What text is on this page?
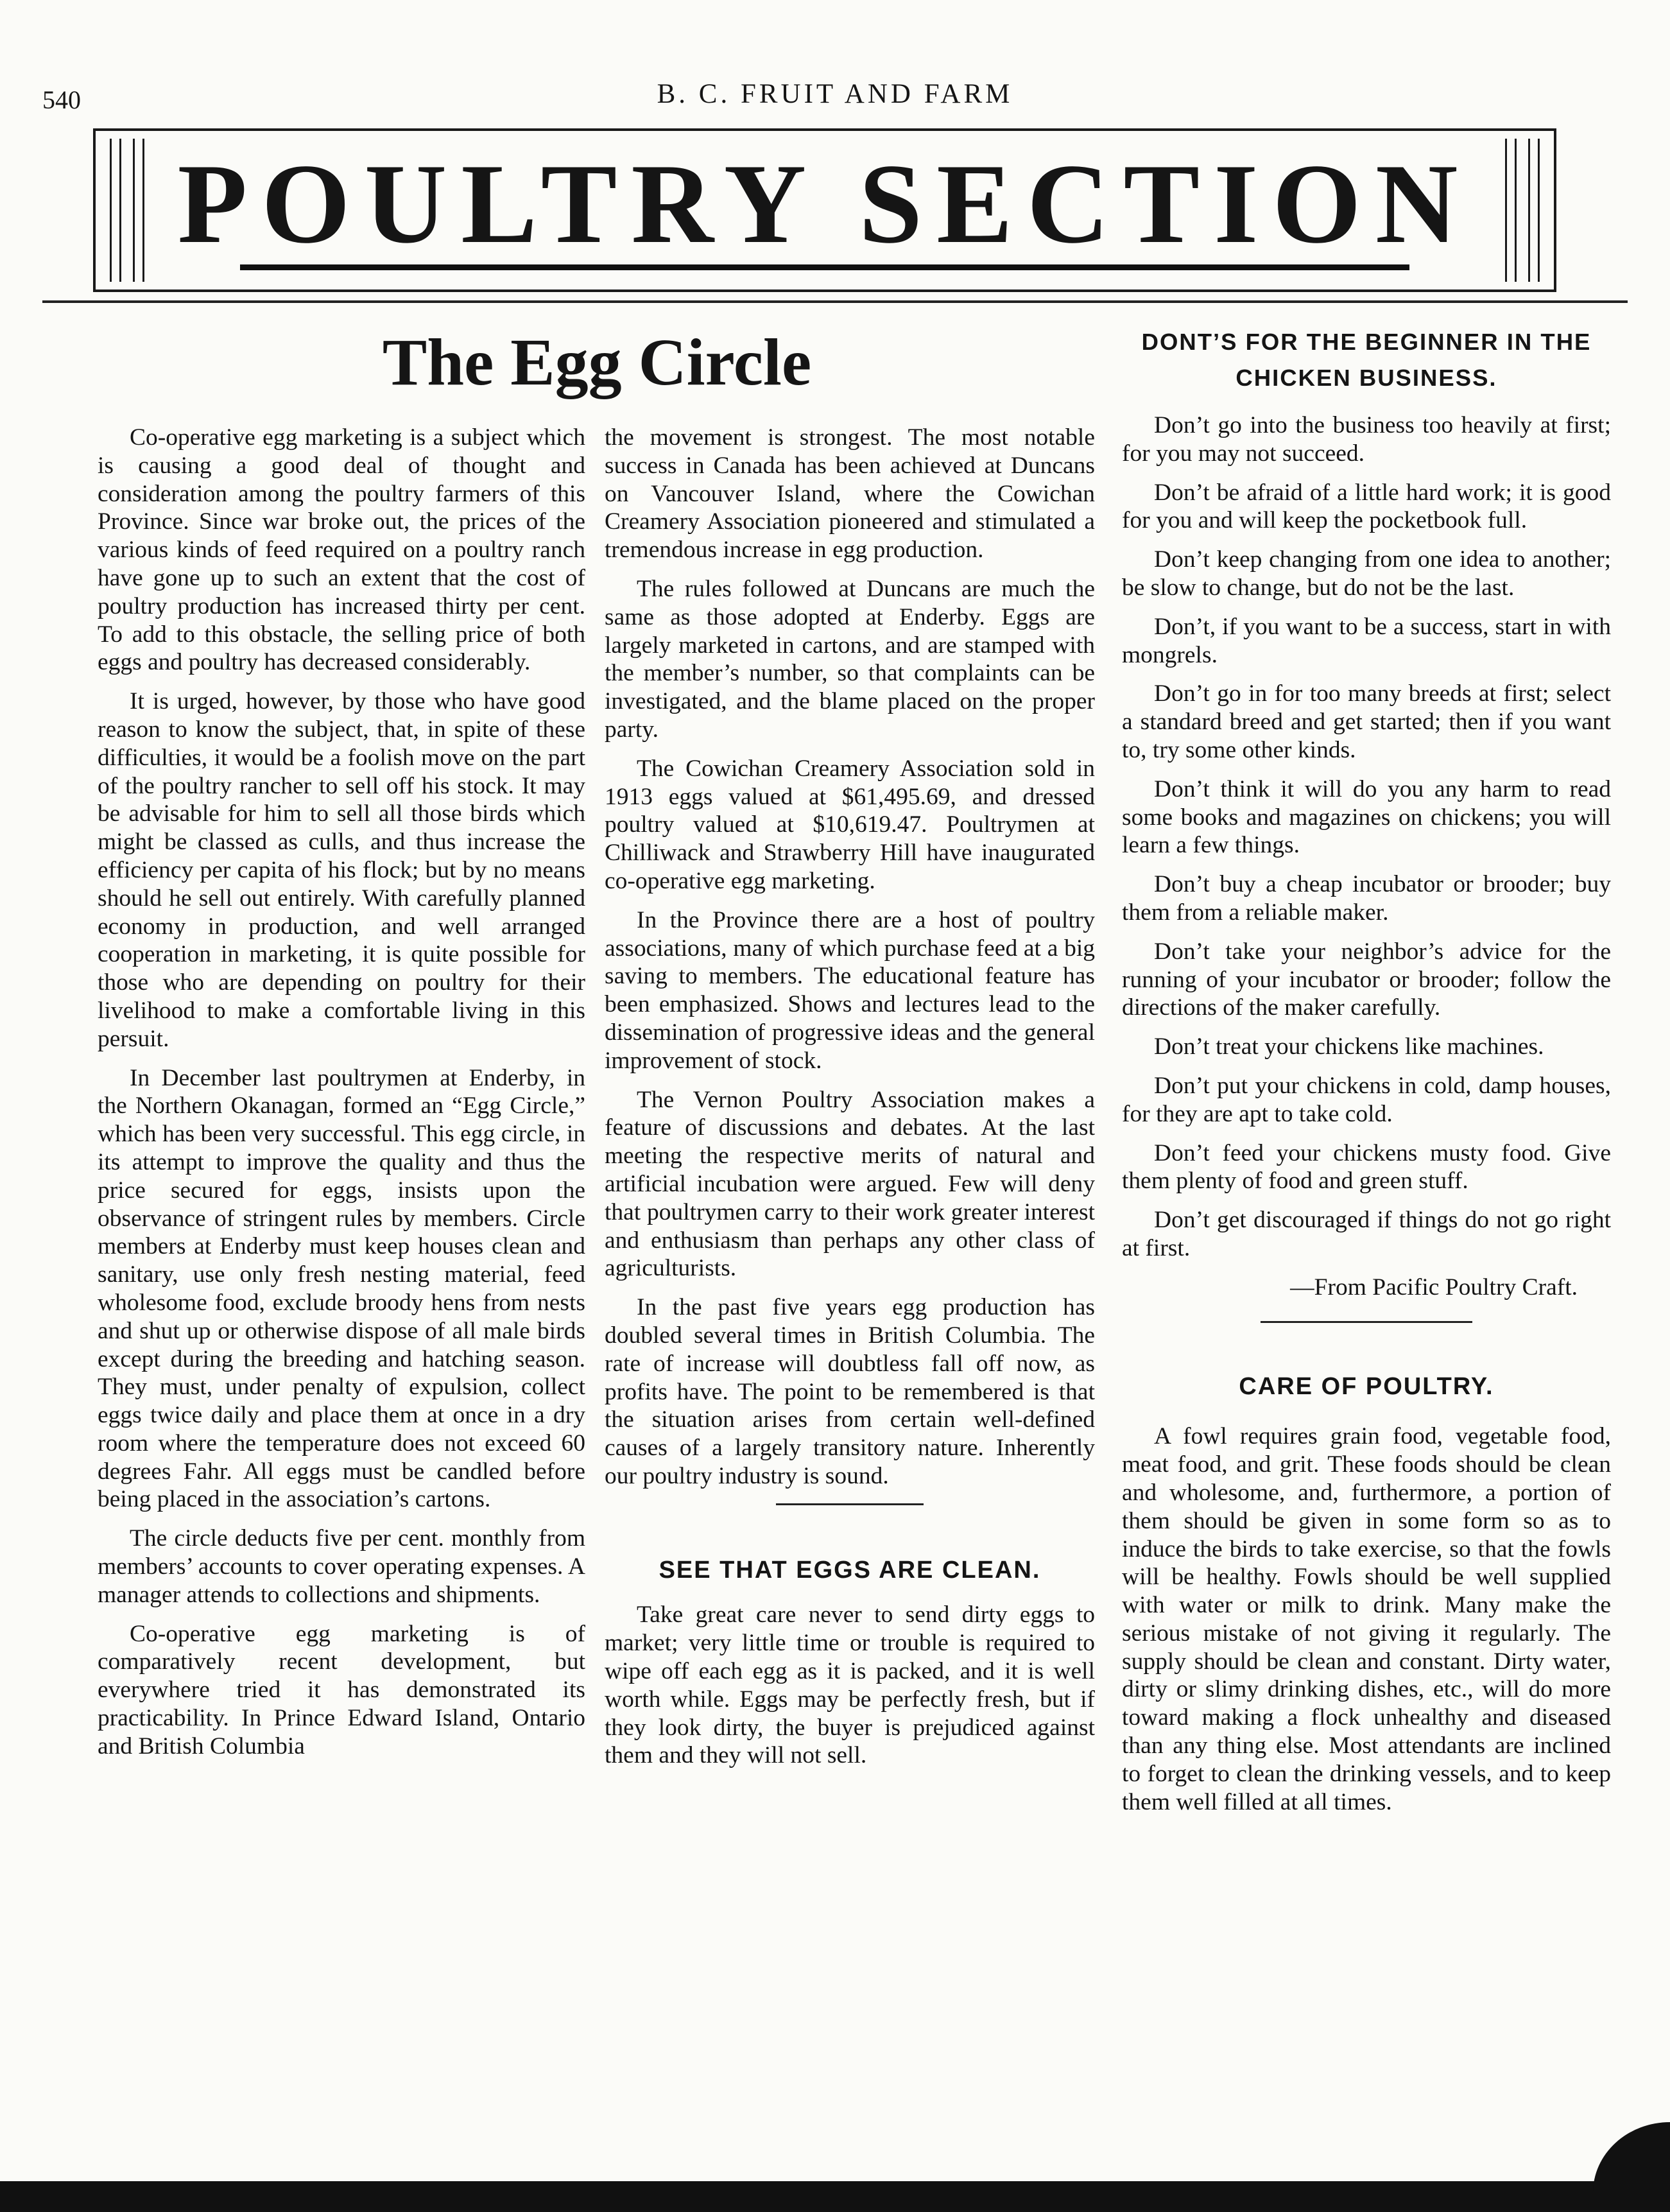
540	B. C. FRUIT AND FARM
POULTRY SECTION
The Egg Circle

Co-operative egg marketing is a subject which is causing a good deal of thought and consideration among the poultry farmers of this Province. Since war broke out, the prices of the various kinds of feed required on a poultry ranch have gone up to such an extent that the cost of poultry production has increased thirty per cent. To add to this obstacle, the selling price of both eggs and poultry has decreased considerably.

It is urged, however, by those who have good reason to know the subject, that, in spite of these difficulties, it would be a foolish move on the part of the poultry rancher to sell off his stock. It may be advisable for him to sell all those birds which might be classed as culls, and thus increase the efficiency per capita of his flock; but by no means should he sell out entirely. With carefully planned economy in production, and well arranged cooperation in marketing, it is quite possible for those who are depending on poultry for their livelihood to make a comfortable living in this persuit.

In December last poultrymen at Enderby, in the Northern Okanagan, formed an “Egg Circle,” which has been very successful. This egg circle, in its attempt to improve the quality and thus the price secured for eggs, insists upon the observance of stringent rules by members. Circle members at Enderby must keep houses clean and sanitary, use only fresh nesting material, feed wholesome food, exclude broody hens from nests and shut up or otherwise dispose of all male birds except during the breeding and hatching season. They must, under penalty of expulsion, collect eggs twice daily and place them at once in a dry room where the temperature does not exceed 60 degrees Fahr. All eggs must be candled before being placed in the association’s cartons.

The circle deducts five per cent. monthly from members’ accounts to cover operating expenses. A manager attends to collections and shipments.

Co-operative egg marketing is of comparatively recent development, but everywhere tried it has demonstrated its practicability. In Prince Edward Island, Ontario and British Columbia

the movement is strongest. The most notable success in Canada has been achieved at Duncans on Vancouver Island, where the Cowichan Creamery Association pioneered and stimulated a tremendous increase in egg production.

The rules followed at Duncans are much the same as those adopted at Enderby. Eggs are largely marketed in cartons, and are stamped with the member’s number, so that complaints can be investigated, and the blame placed on the proper party.

The Cowichan Creamery Association sold in 1913 eggs valued at $61,495.69, and dressed poultry valued at $10,619.47. Poultrymen at Chilliwack and Strawberry Hill have inaugurated co-operative egg marketing.

In the Province there are a host of poultry associations, many of which purchase feed at a big saving to members. The educational feature has been emphasized. Shows and lectures lead to the dissemination of progressive ideas and the general improvement of stock.

The Vernon Poultry Association makes a feature of discussions and debates. At the last meeting the respective merits of natural and artificial incubation were argued. Few will deny that poultrymen carry to their work greater interest and enthusiasm than perhaps any other class of agriculturists.

In the past five years egg production has doubled several times in British Columbia. The rate of increase will doubtless fall off now, as profits have. The point to be remembered is that the situation arises from certain well-defined causes of a largely transitory nature. Inherently our poultry industry is sound.

SEE THAT EGGS ARE CLEAN.

Take great care never to send dirty eggs to market; very little time or trouble is required to wipe off each egg as it is packed, and it is well worth while. Eggs may be perfectly fresh, but if they look dirty, the buyer is prejudiced against them and they will not sell.

DONT’S FOR THE BEGINNER IN THE CHICKEN BUSINESS.

Don’t go into the business too heavily at first; for you may not succeed.

Don’t be afraid of a little hard work; it is good for you and will keep the pocketbook full.

Don’t keep changing from one idea to another; be slow to change, but do not be the last.

Don’t, if you want to be a success, start in with mongrels.

Don’t go in for too many breeds at first; select a standard breed and get started; then if you want to, try some other kinds.

Don’t think it will do you any harm to read some books and magazines on chickens; you will learn a few things.

Don’t buy a cheap incubator or brooder; buy them from a reliable maker.

Don’t take your neighbor’s advice for the running of your incubator or brooder; follow the directions of the maker carefully.

Don’t treat your chickens like machines.

Don’t put your chickens in cold, damp houses, for they are apt to take cold.

Don’t feed your chickens musty food. Give them plenty of food and green stuff.

Don’t get discouraged if things do not go right at first.

—From Pacific Poultry Craft.

CARE OF POULTRY.

A fowl requires grain food, vegetable food, meat food, and grit. These foods should be clean and wholesome, and, furthermore, a portion of them should be given in some form so as to induce the birds to take exercise, so that the fowls will be healthy. Fowls should be well supplied with water or milk to drink. Many make the serious mistake of not giving it regularly. The supply should be clean and constant. Dirty water, dirty or slimy drinking dishes, etc., will do more toward making a flock unhealthy and diseased than any thing else. Most attendants are inclined to forget to clean the drinking vessels, and to keep them well filled at all times.
